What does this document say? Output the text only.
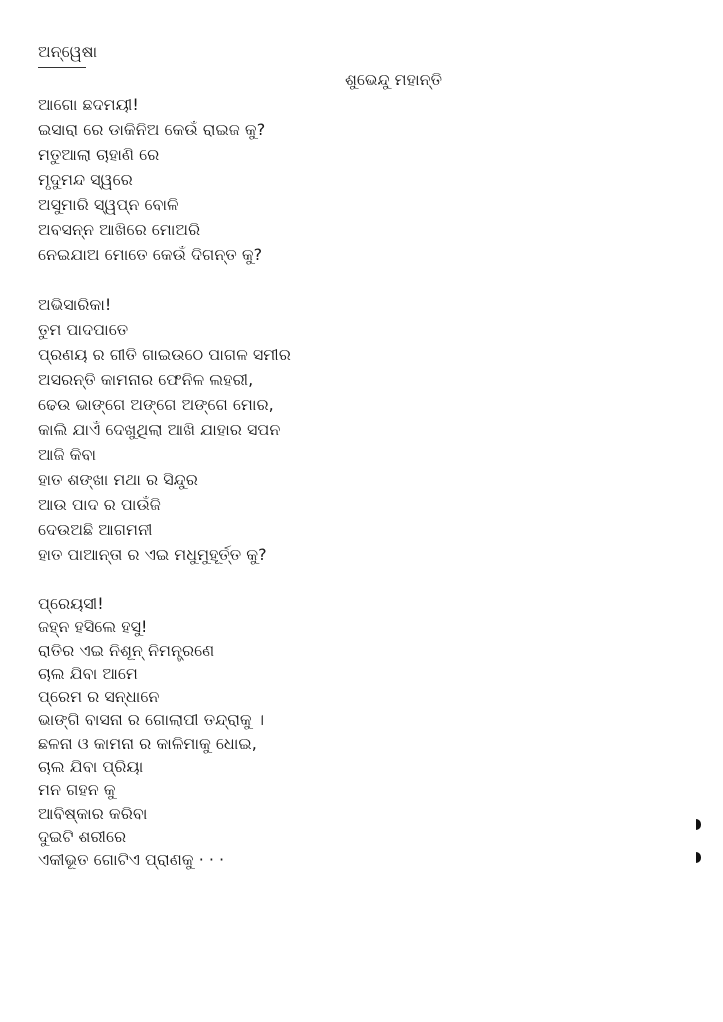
ଅନ୍ୱେଷା
ଶୁଭେନ୍ଦୁ ମହାନ୍ତି
ଆଗୋ ଛଦମୟୀ!
ଇସାରା ରେ ଡାକିନିଅ କେଉଁ ରାଇଜ କୁ?
ମତୁଆଲା ଚାହାଣି ରେ
ମୃଦୁମନ୍ଦ ସ୍ୱରେ
ଅସୁମାରି ସ୍ୱପ୍ନ ବୋଳି
ଅବସନ୍ନ ଆଖିରେ ମୋଅରି
ନେଇଯାଅ ମୋତେ କେଉଁ ଦିଗନ୍ତ କୁ?
ଅଭିସାରିକା!
ତୁମ ପାଦପାତେ
ପ୍ରଣୟ ର ଗୀତି ଗାଇଉଠେ ପାଗଳ ସମୀର
ଅସରନ୍ତି କାମନାର ଫେନିଳ ଲହରୀ,
ଢେଉ ଭାଙ୍ଗେ ଅଙ୍ଗେ ଅଙ୍ଗେ ମୋର,
କାଲି ଯାଏଁ ଦେଖୁଥିଲା ଆଖି ଯାହାର ସପନ
ଆଜି କିବା
ହାତ ଶଙ୍ଖା ମଥା ର ସିନ୍ଦୁର
ଆଉ ପାଦ ର ପାଉଁଜି
ଦେଉଅଛି ଆଗମନୀ
ହାତ ପାଆନ୍ତା ର ଏଇ ମଧୁମୁହୂର୍ତ୍ତ କୁ?
ପ୍ରେୟସୀ!
ଜହ୍ନ ହସିଲେ ହସୁ!
ରାତିର ଏଇ ନିଶୂନ୍ ନିମନ୍ତ୍ରଣେ
ଚାଲ ଯିବା ଆମେ
ପ୍ରେମ ର ସନ୍ଧାନେ
ଭାଙ୍ଗି ବାସନା ର ଗୋଲାପୀ ତନ୍ଦ୍ରାକୁ ।
ଛଳନା ଓ କାମନା ର କାଳିମାକୁ ଧୋଇ,
ଚାଲ ଯିବା ପ୍ରିୟା
ମନ ଗହନ କୁ
ଆବିଷ୍କାର କରିବା
ଦୁଇଟି ଶରୀରେ
ଏକୀଭୂତ ଗୋଟିଏ ପ୍ରାଣକୁ · · ·
